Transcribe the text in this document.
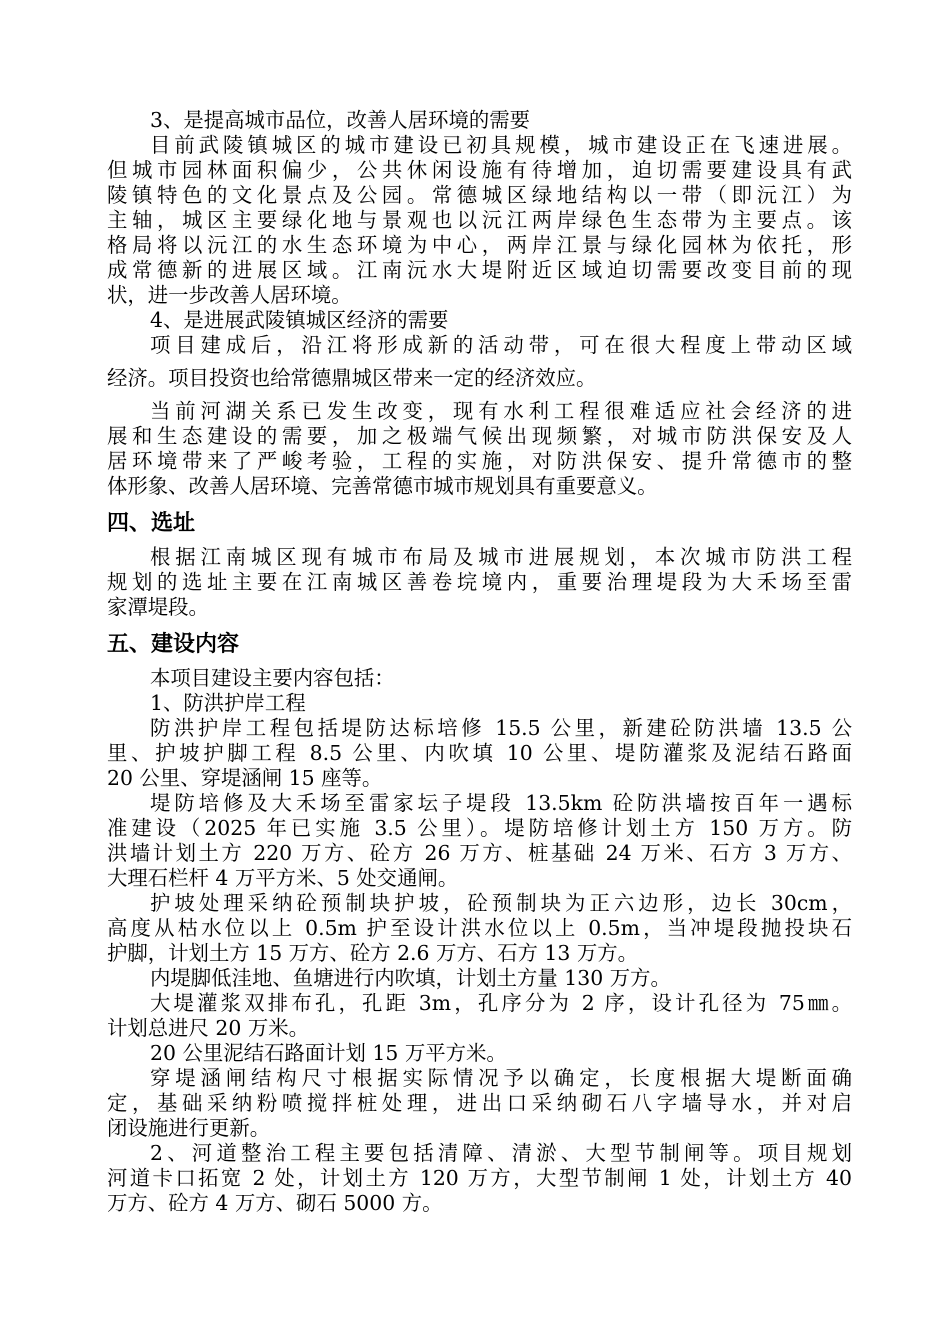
3、是提高城市品位，改善人居环境的需要
目前武陵镇城区的城市建设已初具规模，城市建设正在飞速进展。
但城市园林面积偏少，公共休闲设施有待增加，迫切需要建设具有武
陵镇特色的文化景点及公园。常德城区绿地结构以一带（即沅江）为
主轴，城区主要绿化地与景观也以沅江两岸绿色生态带为主要点。该
格局将以沅江的水生态环境为中心，两岸江景与绿化园林为依托，形
成常德新的进展区域。江南沅水大堤附近区域迫切需要改变目前的现
状，进一步改善人居环境。
4、是进展武陵镇城区经济的需要
项目建成后，沿江将形成新的活动带，可在很大程度上带动区域
经济。项目投资也给常德鼎城区带来一定的经济效应。
当前河湖关系已发生改变，现有水利工程很难适应社会经济的进
展和生态建设的需要，加之极端气候出现频繁，对城市防洪保安及人
居环境带来了严峻考验，工程的实施，对防洪保安、提升常德市的整
体形象、改善人居环境、完善常德市城市规划具有重要意义。
四、选址
根据江南城区现有城市布局及城市进展规划，本次城市防洪工程
规划的选址主要在江南城区善卷垸境内，重要治理堤段为大禾场至雷
家潭堤段。
五、建设内容
本项目建设主要内容包括：
1、防洪护岸工程
防洪护岸工程包括堤防达标培修 15.5 公里，新建砼防洪墙 13.5 公
里、护坡护脚工程 8.5 公里、内吹填 10 公里、堤防灌浆及泥结石路面
20 公里、穿堤涵闸 15 座等。
堤防培修及大禾场至雷家坛子堤段 13.5km 砼防洪墙按百年一遇标
准建设（2025 年已实施 3.5 公里）。堤防培修计划土方 150 万方。防
洪墙计划土方 220 万方、砼方 26 万方、桩基础 24 万米、石方 3 万方、
大理石栏杆 4 万平方米、5 处交通闸。
护坡处理采纳砼预制块护坡，砼预制块为正六边形，边长 30cm，
高度从枯水位以上 0.5m 护至设计洪水位以上 0.5m，当冲堤段抛投块石
护脚，计划土方 15 万方、砼方 2.6 万方、石方 13 万方。
内堤脚低洼地、鱼塘进行内吹填，计划土方量 130 万方。
大堤灌浆双排布孔，孔距 3m，孔序分为 2 序，设计孔径为 75㎜。
计划总进尺 20 万米。
20 公里泥结石路面计划 15 万平方米。
穿堤涵闸结构尺寸根据实际情况予以确定，长度根据大堤断面确
定，基础采纳粉喷搅拌桩处理，进出口采纳砌石八字墙导水，并对启
闭设施进行更新。
2、河道整治工程主要包括清障、清淤、大型节制闸等。项目规划
河道卡口拓宽 2 处，计划土方 120 万方，大型节制闸 1 处，计划土方 40
万方、砼方 4 万方、砌石 5000 方。
